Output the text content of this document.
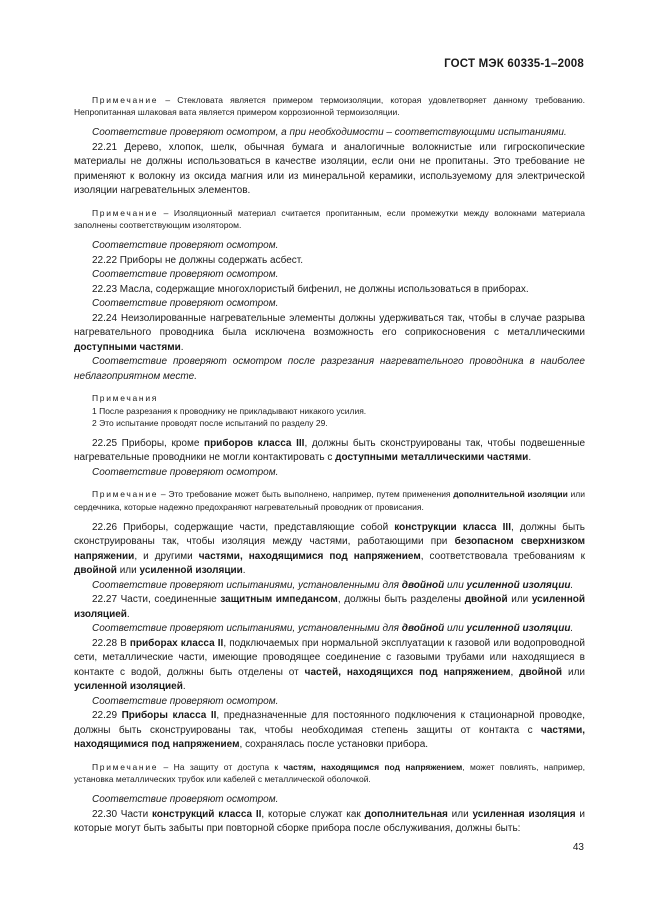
ГОСТ МЭК 60335-1–2008

Примечание – Стекловата является примером термоизоляции, которая удовлетворяет данному требованию. Непропитанная шлаковая вата является примером коррозионной термоизоляции.

Соответствие проверяют осмотром, а при необходимости – соответствующими испытаниями.

22.21 Дерево, хлопок, шелк, обычная бумага и аналогичные волокнистые или гигроскопические материалы не должны использоваться в качестве изоляции, если они не пропитаны. Это требование не применяют к волокну из оксида магния или из минеральной керамики, используемому для электрической изоляции нагревательных элементов.

Примечание – Изоляционный материал считается пропитанным, если промежутки между волокнами материала заполнены соответствующим изолятором.

Соответствие проверяют осмотром.

22.22 Приборы не должны содержать асбест.

Соответствие проверяют осмотром.

22.23 Масла, содержащие многохлористый бифенил, не должны использоваться в приборах.

Соответствие проверяют осмотром.

22.24 Неизолированные нагревательные элементы должны удерживаться так, чтобы в случае разрыва нагревательного проводника была исключена возможность его соприкосновения с металлическими доступными частями.

Соответствие проверяют осмотром после разрезания нагревательного проводника в наиболее неблагоприятном месте.

Примечания

1 После разрезания к проводнику не прикладывают никакого усилия.

2 Это испытание проводят после испытаний по разделу 29.

22.25 Приборы, кроме приборов класса III, должны быть сконструированы так, чтобы подвешенные нагревательные проводники не могли контактировать с доступными металлическими частями.

Соответствие проверяют осмотром.

Примечание – Это требование может быть выполнено, например, путем применения дополнительной изоляции или сердечника, которые надежно предохраняют нагревательный проводник от провисания.

22.26 Приборы, содержащие части, представляющие собой конструкции класса III, должны быть сконструированы так, чтобы изоляция между частями, работающими при безопасном сверхнизком напряжении, и другими частями, находящимися под напряжением, соответствовала требованиям к двойной или усиленной изоляции.

Соответствие проверяют испытаниями, установленными для двойной или усиленной изоляции.

22.27 Части, соединенные защитным импедансом, должны быть разделены двойной или усиленной изоляцией.

Соответствие проверяют испытаниями, установленными для двойной или усиленной изоляции.

22.28 В приборах класса II, подключаемых при нормальной эксплуатации к газовой или водопроводной сети, металлические части, имеющие проводящее соединение с газовыми трубами или находящиеся в контакте с водой, должны быть отделены от частей, находящихся под напряжением, двойной или усиленной изоляцией.

Соответствие проверяют осмотром.

22.29 Приборы класса II, предназначенные для постоянного подключения к стационарной проводке, должны быть сконструированы так, чтобы необходимая степень защиты от контакта с частями, находящимися под напряжением, сохранялась после установки прибора.

Примечание – На защиту от доступа к частям, находящимся под напряжением, может повлиять, например, установка металлических трубок или кабелей с металлической оболочкой.

Соответствие проверяют осмотром.

22.30 Части конструкций класса II, которые служат как дополнительная или усиленная изоляция и которые могут быть забыты при повторной сборке прибора после обслуживания, должны быть:

43
